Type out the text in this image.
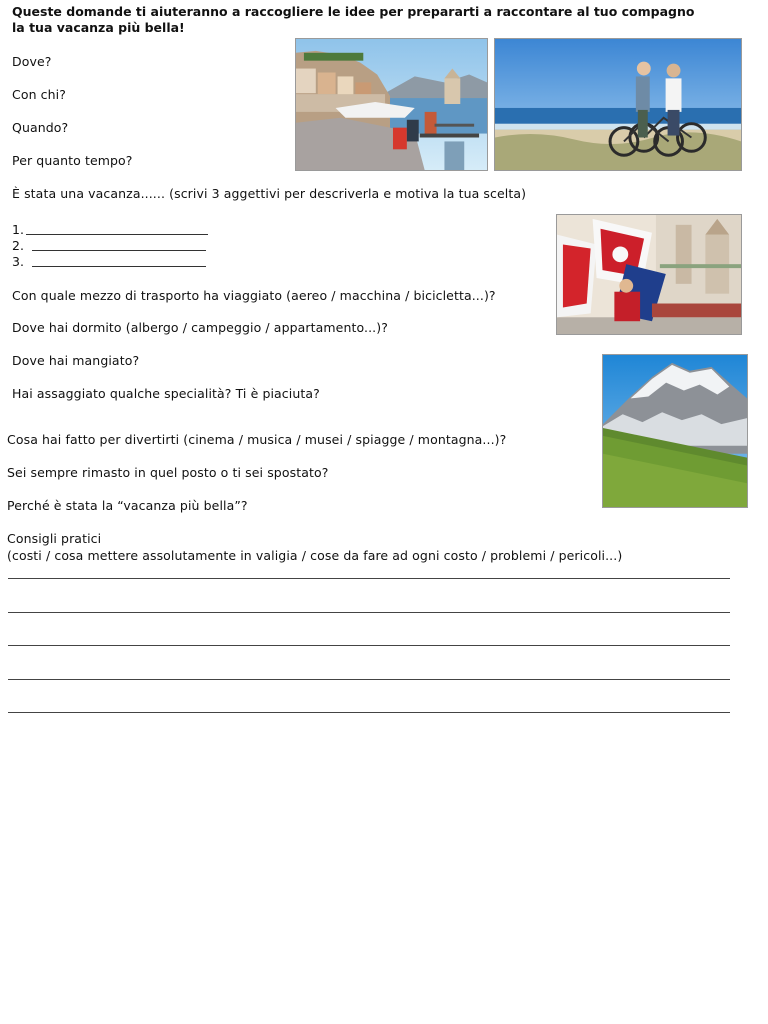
Queste domande ti aiuteranno a raccogliere le idee per prepararti a raccontare al tuo compagno
la tua vacanza più bella!
Dove?
Con chi?
Quando?
Per quanto tempo?
È stata una vacanza...... (scrivi 3 aggettivi per descriverla e motiva la tua scelta)
1.
2.
3.
Con quale mezzo di trasporto ha viaggiato (aereo / macchina / bicicletta...)?
Dove hai dormito (albergo / campeggio / appartamento...)?
Dove hai mangiato?
Hai assaggiato qualche specialità? Ti è piaciuta?
Cosa hai fatto per divertirti (cinema / musica / musei / spiagge / montagna...)?
Sei sempre rimasto in quel posto o ti sei spostato?
Perché è stata la “vacanza più bella”?
Consigli pratici
(costi / cosa mettere assolutamente in valigia / cose da fare ad ogni costo / problemi / pericoli...)
